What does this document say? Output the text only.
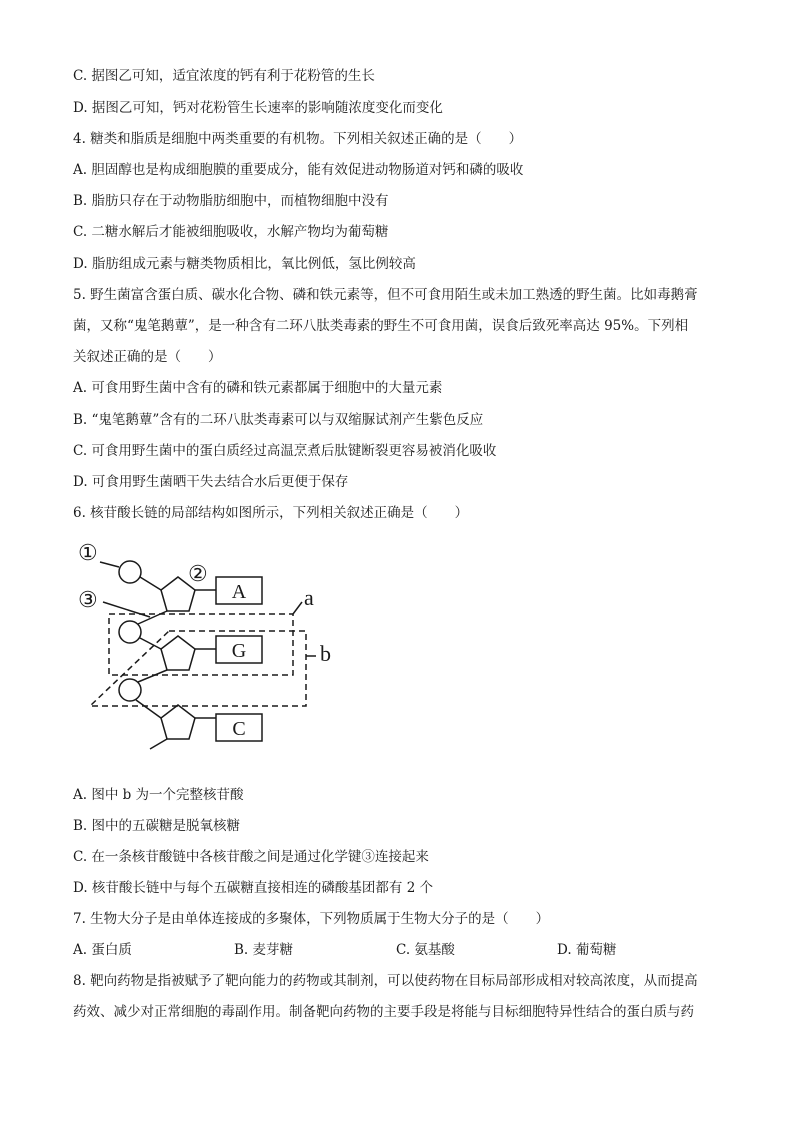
C. 据图乙可知，适宜浓度的钙有利于花粉管的生长

D. 据图乙可知，钙对花粉管生长速率的影响随浓度变化而变化

4. 糖类和脂质是细胞中两类重要的有机物。下列相关叙述正确的是（　　）

A. 胆固醇也是构成细胞膜的重要成分，能有效促进动物肠道对钙和磷的吸收

B. 脂肪只存在于动物脂肪细胞中，而植物细胞中没有

C. 二糖水解后才能被细胞吸收，水解产物均为葡萄糖

D. 脂肪组成元素与糖类物质相比，氧比例低，氢比例较高

5. 野生菌富含蛋白质、碳水化合物、磷和铁元素等，但不可食用陌生或未加工熟透的野生菌。比如毒鹅膏

菌，又称“鬼笔鹅蕈”，是一种含有二环八肽类毒素的野生不可食用菌，误食后致死率高达 95%。下列相

关叙述正确的是（　　）

A. 可食用野生菌中含有的磷和铁元素都属于细胞中的大量元素

B. “鬼笔鹅蕈”含有的二环八肽类毒素可以与双缩脲试剂产生紫色反应

C. 可食用野生菌中的蛋白质经过高温烹煮后肽键断裂更容易被消化吸收

D. 可食用野生菌晒干失去结合水后更便于保存

6. 核苷酸长链的局部结构如图所示，下列相关叙述正确是（　　）

①
②
③	A
G
C
a
b

A. 图中 b 为一个完整核苷酸

B. 图中的五碳糖是脱氧核糖

C. 在一条核苷酸链中各核苷酸之间是通过化学键③连接起来

D. 核苷酸长链中与每个五碳糖直接相连的磷酸基团都有 2 个

7. 生物大分子是由单体连接成的多聚体，下列物质属于生物大分子的是（　　）

A. 蛋白质	B. 麦芽糖	C. 氨基酸	D. 葡萄糖

8. 靶向药物是指被赋予了靶向能力的药物或其制剂，可以使药物在目标局部形成相对较高浓度，从而提高

药效、减少对正常细胞的毒副作用。制备靶向药物的主要手段是将能与目标细胞特异性结合的蛋白质与药
